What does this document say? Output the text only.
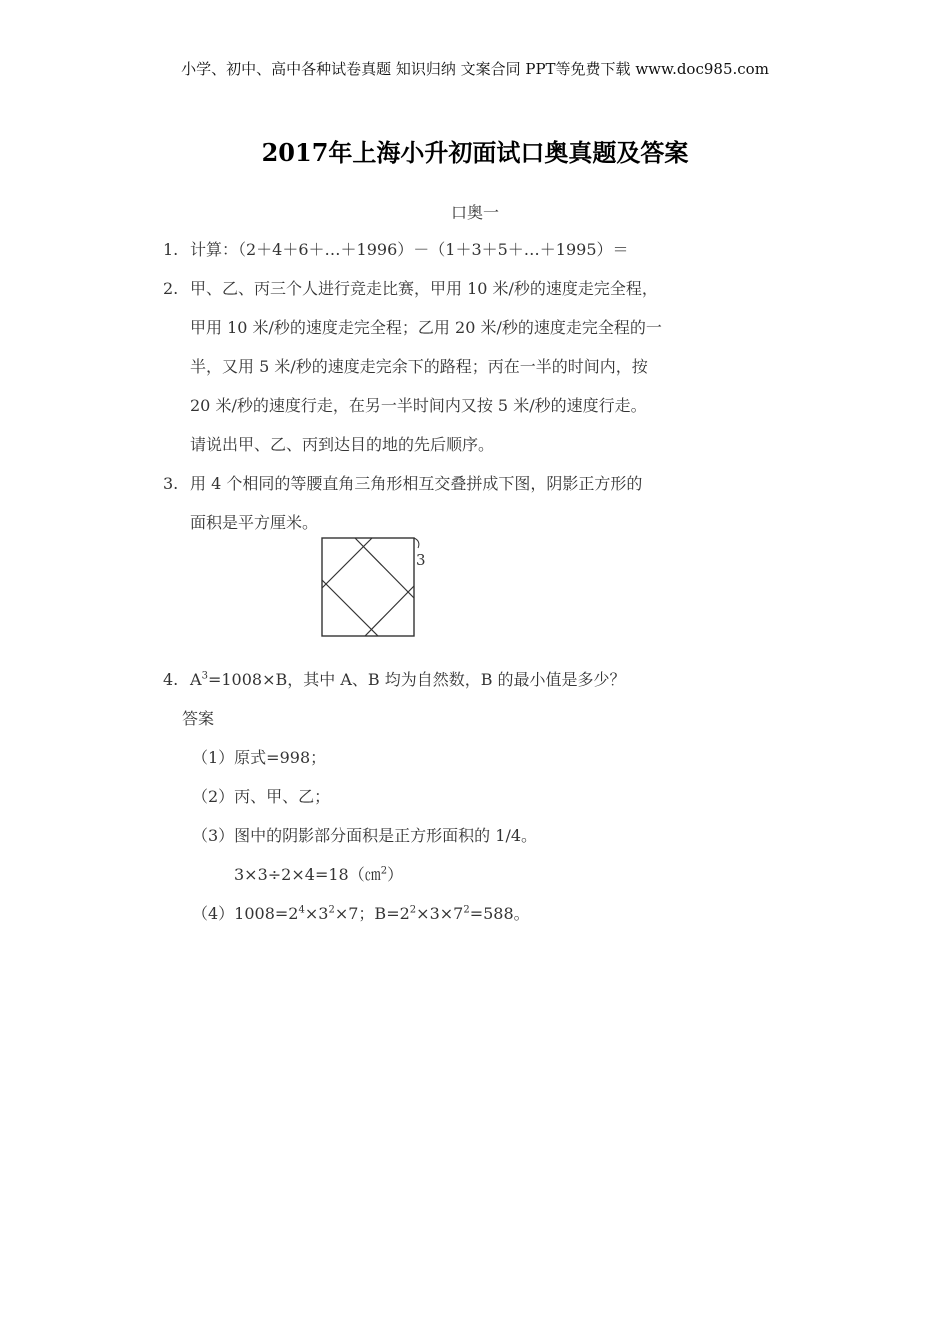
小学、初中、高中各种试卷真题 知识归纳 文案合同 PPT等免费下载 www.doc985.com
2017年上海小升初面试口奥真题及答案
口奥一
1. 计算：（2＋4＋6＋…＋1996）－（1＋3＋5＋…＋1995）＝
2. 甲、乙、丙三个人进行竞走比赛，甲用 10 米/秒的速度走完全程，
甲用 10 米/秒的速度走完全程；乙用 20 米/秒的速度走完全程的一
半，又用 5 米/秒的速度走完余下的路程；丙在一半的时间内，按
20 米/秒的速度行走，在另一半时间内又按 5 米/秒的速度行走。
请说出甲、乙、丙到达目的地的先后顺序。
3. 用 4 个相同的等腰直角三角形相互交叠拼成下图，阴影正方形的
面积是平方厘米。
3
4. $A^3=1008\times B$，其中 A、B 均为自然数，B 的最小值是多少？
答案
（1）原式=998；
（2）丙、甲、乙；
（3）图中的阴影部分面积是正方形面积的 1/4。
3×3÷2×4=18（㎝$^2$）
$(4)1008=2^4\times 3^2\times 7$；$B=2^2\times 3\times 7^2=588$。
